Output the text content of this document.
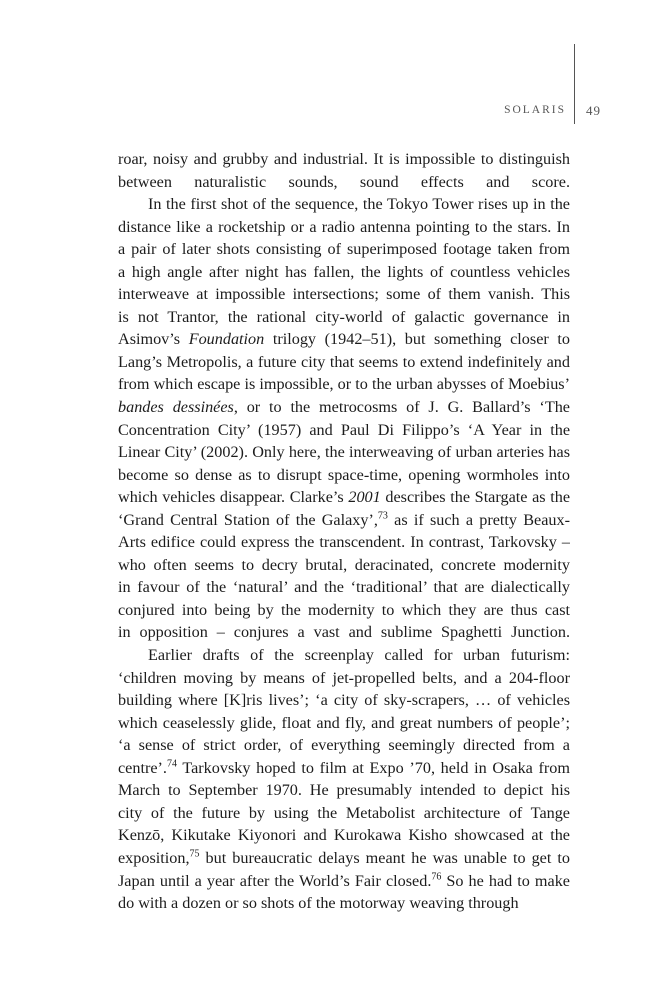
SOLARIS 49
roar, noisy and grubby and industrial. It is impossible to distinguish
between naturalistic sounds, sound effects and score.
In the first shot of the sequence, the Tokyo Tower rises up in the
distance like a rocketship or a radio antenna pointing to the stars. In
a pair of later shots consisting of superimposed footage taken from
a high angle after night has fallen, the lights of countless vehicles
interweave at impossible intersections; some of them vanish. This
is not Trantor, the rational city-world of galactic governance in
Asimov’s Foundation trilogy (1942–51), but something closer to
Lang’s Metropolis, a future city that seems to extend indefinitely and
from which escape is impossible, or to the urban abysses of Moebius’
bandes dessinées, or to the metrocosms of J. G. Ballard’s ‘The
Concentration City’ (1957) and Paul Di Filippo’s ‘A Year in the
Linear City’ (2002). Only here, the interweaving of urban arteries has
become so dense as to disrupt space-time, opening wormholes into
which vehicles disappear. Clarke’s 2001 describes the Stargate as the
‘Grand Central Station of the Galaxy’,$^{73}$ as if such a pretty Beaux-
Arts edifice could express the transcendent. In contrast, Tarkovsky –
who often seems to decry brutal, deracinated, concrete modernity
in favour of the ‘natural’ and the ‘traditional’ that are dialectically
conjured into being by the modernity to which they are thus cast
in opposition – conjures a vast and sublime Spaghetti Junction.
Earlier drafts of the screenplay called for urban futurism:
‘children moving by means of jet-propelled belts, and a 204-floor
building where [K]ris lives’; ‘a city of sky-scrapers, … of vehicles
which ceaselessly glide, float and fly, and great numbers of people’;
‘a sense of strict order, of everything seemingly directed from a
centre’.$^{74}$ Tarkovsky hoped to film at Expo ’70, held in Osaka from
March to September 1970. He presumably intended to depict his
city of the future by using the Metabolist architecture of Tange
Kenzō, Kikutake Kiyonori and Kurokawa Kisho showcased at the
exposition,$^{75}$ but bureaucratic delays meant he was unable to get to
Japan until a year after the World’s Fair closed.$^{76}$ So he had to make
do with a dozen or so shots of the motorway weaving through
